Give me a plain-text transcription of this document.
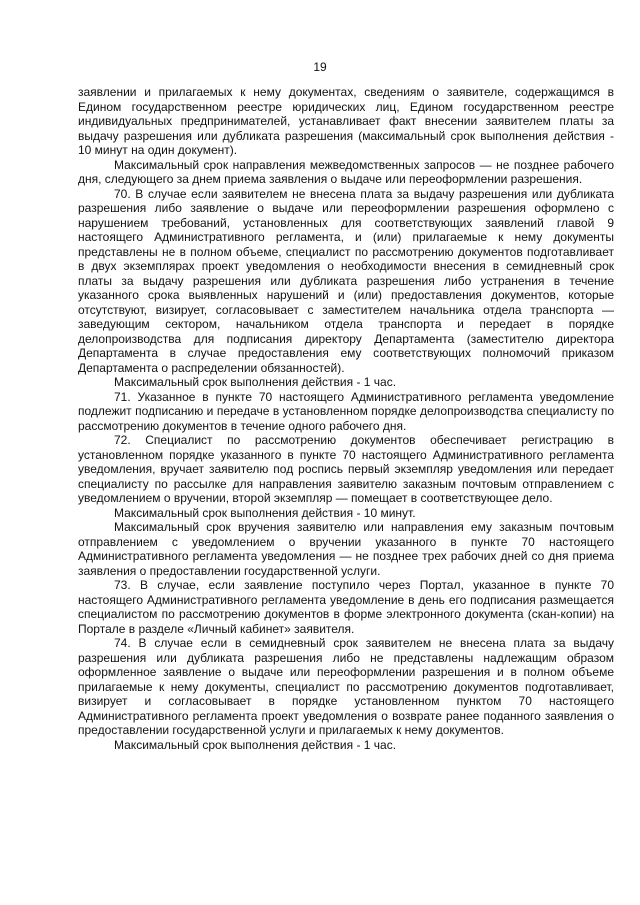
19

заявлении и прилагаемых к нему документах, сведениям о заявителе, содержащимся в Едином государственном реестре юридических лиц, Едином государственном реестре индивидуальных предпринимателей, устанавливает факт внесении заявителем платы за выдачу разрешения или дубликата разрешения (максимальный срок выполнения действия - 10 минут на один документ).

Максимальный срок направления межведомственных запросов — не позднее рабочего дня, следующего за днем приема заявления о выдаче или переоформлении разрешения.

70. В случае если заявителем не внесена плата за выдачу разрешения или дубликата разрешения либо заявление о выдаче или переоформлении разрешения оформлено с нарушением требований, установленных для соответствующих заявлений главой 9 настоящего Административного регламента, и (или) прилагаемые к нему документы представлены не в полном объеме, специалист по рассмотрению документов подготавливает в двух экземплярах проект уведомления о необходимости внесения в семидневный срок платы за выдачу разрешения или дубликата разрешения либо устранения в течение указанного срока выявленных нарушений и (или) предоставления документов, которые отсутствуют, визирует, согласовывает с заместителем начальника отдела транспорта — заведующим сектором, начальником отдела транспорта и передает в порядке делопроизводства для подписания директору Департамента (заместителю директора Департамента в случае предоставления ему соответствующих полномочий приказом Департамента о распределении обязанностей).

Максимальный срок выполнения действия - 1 час.

71. Указанное в пункте 70 настоящего Административного регламента уведомление подлежит подписанию и передаче в установленном порядке делопроизводства специалисту по рассмотрению документов в течение одного рабочего дня.

72. Специалист по рассмотрению документов обеспечивает регистрацию в установленном порядке указанного в пункте 70 настоящего Административного регламента уведомления, вручает заявителю под роспись первый экземпляр уведомления или передает специалисту по рассылке для направления заявителю заказным почтовым отправлением с уведомлением о вручении, второй экземпляр — помещает в соответствующее дело.

Максимальный срок выполнения действия - 10 минут.

Максимальный срок вручения заявителю или направления ему заказным почтовым отправлением с уведомлением о вручении указанного в пункте 70 настоящего Административного регламента уведомления — не позднее трех рабочих дней со дня приема заявления о предоставлении государственной услуги.

73. В случае, если заявление поступило через Портал, указанное в пункте 70 настоящего Административного регламента уведомление в день его подписания размещается специалистом по рассмотрению документов в форме электронного документа (скан-копии) на Портале в разделе «Личный кабинет» заявителя.

74. В случае если в семидневный срок заявителем не внесена плата за выдачу разрешения или дубликата разрешения либо не представлены надлежащим образом оформленное заявление о выдаче или переоформлении разрешения и в полном объеме прилагаемые к нему документы, специалист по рассмотрению документов подготавливает, визирует и согласовывает в порядке установленном пунктом 70 настоящего Административного регламента проект уведомления о возврате ранее поданного заявления о предоставлении государственной услуги и прилагаемых к нему документов.

Максимальный срок выполнения действия - 1 час.
